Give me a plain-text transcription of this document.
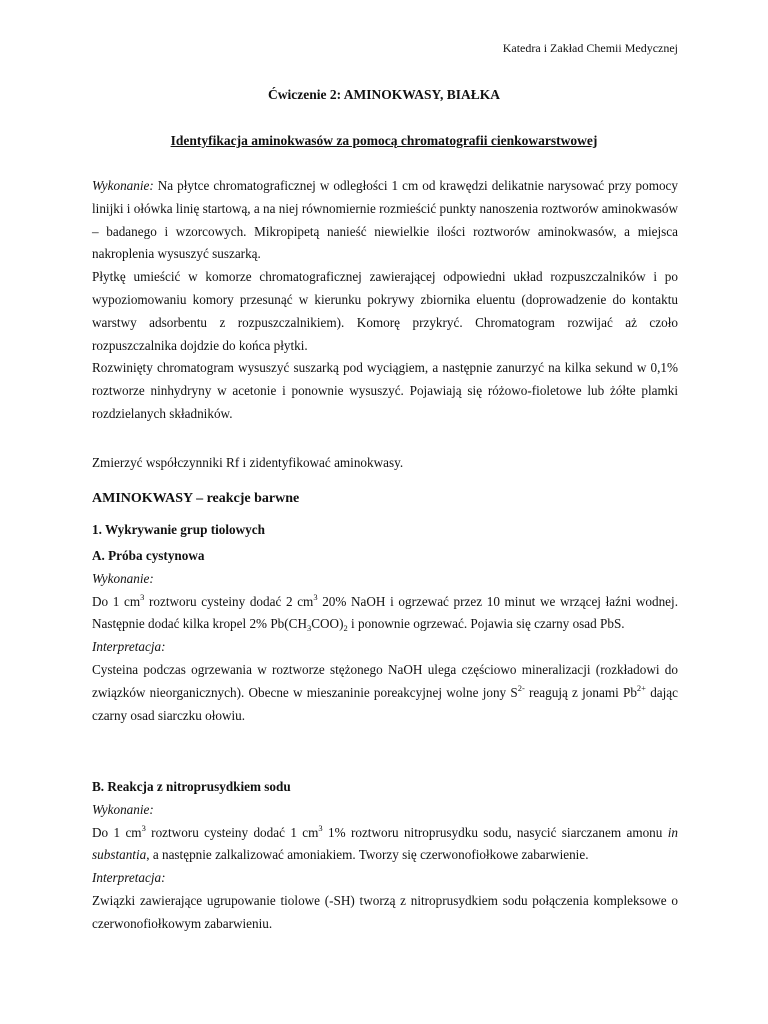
Katedra i Zakład Chemii Medycznej
Ćwiczenie 2: AMINOKWASY, BIAŁKA
Identyfikacja aminokwasów za pomocą chromatografii cienkowarstwowej

Wykonanie: Na płytce chromatograficznej w odległości 1 cm od krawędzi delikatnie narysować przy pomocy linijki i ołówka linię startową, a na niej równomiernie rozmieścić punkty nanoszenia roztworów aminokwasów – badanego i wzorcowych. Mikropipetą nanieść niewielkie ilości roztworów aminokwasów, a miejsca nakroplenia wysuszyć suszarką.

Płytkę umieścić w komorze chromatograficznej zawierającej odpowiedni układ rozpuszczalników i po wypoziomowaniu komory przesunąć w kierunku pokrywy zbiornika eluentu (doprowadzenie do kontaktu warstwy adsorbentu z rozpuszczalnikiem). Komorę przykryć. Chromatogram rozwijać aż czoło rozpuszczalnika dojdzie do końca płytki.

Rozwinięty chromatogram wysuszyć suszarką pod wyciągiem, a następnie zanurzyć na kilka sekund w 0,1% roztworze ninhydryny w acetonie i ponownie wysuszyć. Pojawiają się różowo-fioletowe lub żółte plamki rozdzielanych składników.

Zmierzyć współczynniki Rf i zidentyfikować aminokwasy.

AMINOKWASY – reakcje barwne
1. Wykrywanie grup tiolowych

A. Próba cystynowa

Wykonanie:

Do 1 $cm^3$ roztworu cysteiny dodać 2 $cm^3$ 20% NaOH i ogrzewać przez 10 minut we wrzącej łaźni wodnej. Następnie dodać kilka kropel 2% $Pb(CH_3COO)_2$ i ponownie ogrzewać. Pojawia się czarny osad PbS.

Interpretacja:

Cysteina podczas ogrzewania w roztworze stężonego NaOH ulega częściowo mineralizacji (rozkładowi do związków nieorganicznych). Obecne w mieszaninie poreakcyjnej wolne jony $S^{2-}$ reagują z jonami $Pb^{2+}$ dając czarny osad siarczku ołowiu.

B. Reakcja z nitroprusydkiem sodu

Wykonanie:

Do 1 $cm^3$ roztworu cysteiny dodać 1 $cm^3$ 1% roztworu nitroprusydku sodu, nasycić siarczanem amonu in substantia, a następnie zalkalizować amoniakiem. Tworzy się czerwonofiołkowe zabarwienie.

Interpretacja:

Związki zawierające ugrupowanie tiolowe (-SH) tworzą z nitroprusydkiem sodu połączenia kompleksowe o czerwonofiołkowym zabarwieniu.
